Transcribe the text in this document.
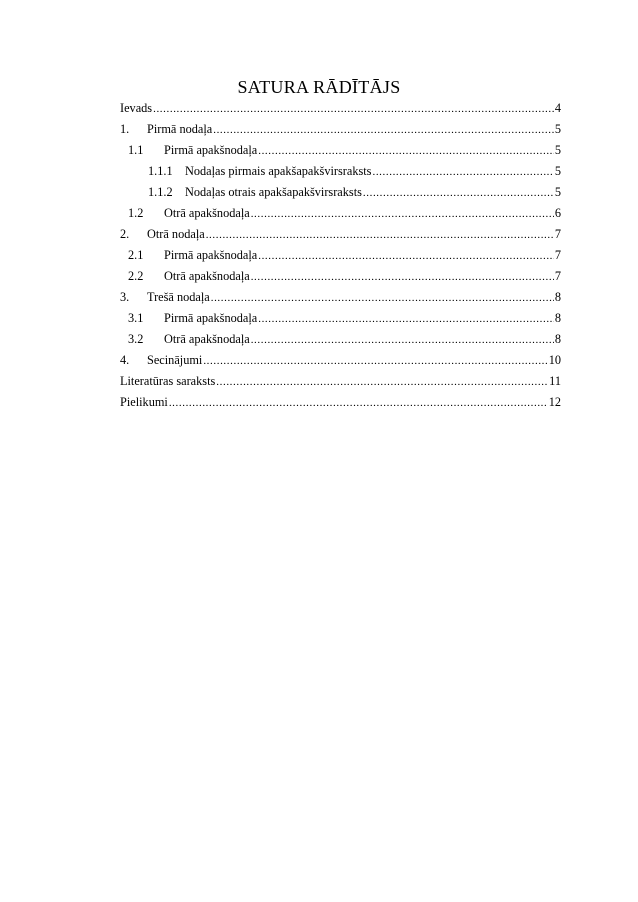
SATURA RĀDĪTĀJS
Ievads .....	4
1.	Pirmā nodaļa .....	5
1.1	Pirmā apakšnodaļa .....	5
1.1.1	Nodaļas pirmais apakšapakšvirsraksts .....	5
1.1.2	Nodaļas otrais apakšapakšvirsraksts .....	5
1.2	Otrā apakšnodaļa .....	6
2.	Otrā nodaļa .....	7
2.1	Pirmā apakšnodaļa .....	7
2.2	Otrā apakšnodaļa .....	7
3.	Trešā nodaļa .....	8
3.1	Pirmā apakšnodaļa .....	8
3.2	Otrā apakšnodaļa .....	8
4.	Secinājumi .....	10
Literatūras saraksts .....	11
Pielikumi .....	12
